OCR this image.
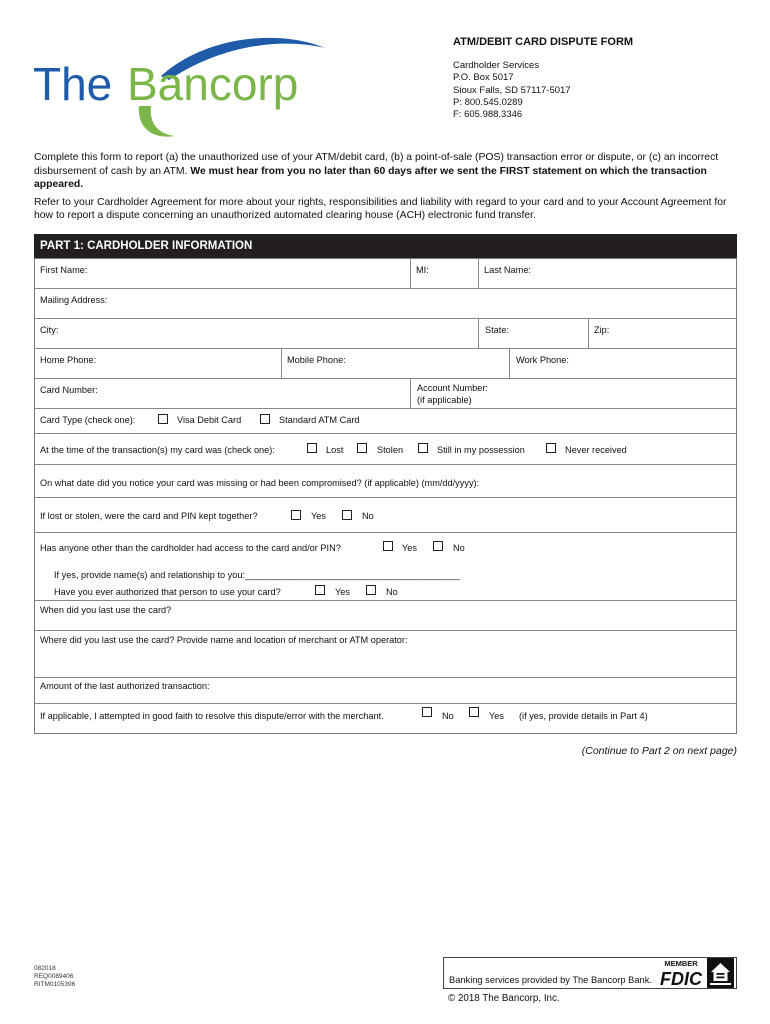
The Bancorp
ATM/DEBIT CARD DISPUTE FORM
Cardholder Services
P.O. Box 5017
Sioux Falls, SD 57117-5017
P: 800.545.0289
F: 605.988.3346

Complete this form to report (a) the unauthorized use of your ATM/debit card, (b) a point-of-sale (POS) transaction error or dispute, or (c) an incorrect disbursement of cash by an ATM. We must hear from you no later than 60 days after we sent the FIRST statement on which the transaction appeared.

Refer to your Cardholder Agreement for more about your rights, responsibilities and liability with regard to your card and to your Account Agreement for how to report a dispute concerning an unauthorized automated clearing house (ACH) electronic fund transfer.

PART 1: CARDHOLDER INFORMATION
First Name:	MI:	Last Name:
Mailing Address:
City:	State:	Zip:
Home Phone:	Mobile Phone:	Work Phone:
Card Number:	Account Number:
(if applicable)
Card Type (check one):	Visa Debit Card	Standard ATM Card
At the time of the transaction(s) my card was (check one):	Lost	Stolen	Still in my possession	Never received
On what date did you notice your card was missing or had been compromised? (if applicable) (mm/dd/yyyy):
If lost or stolen, were the card and PIN kept together?	Yes	No
Has anyone other than the cardholder had access to the card and/or PIN?	Yes	No
If yes, provide name(s) and relationship to you:__________________________________________
Have you ever authorized that person to use your card?	Yes	No
When did you last use the card?
Where did you last use the card? Provide name and location of merchant or ATM operator:
Amount of the last authorized transaction:
If applicable, I attempted in good faith to resolve this dispute/error with the merchant.	No	Yes (if yes, provide details in Part 4)
(Continue to Part 2 on next page)
082018
REQ0089406
RITM0105396	Banking services provided by The Bancorp Bank.
MEMBER
FDIC
© 2018 The Bancorp, Inc.
